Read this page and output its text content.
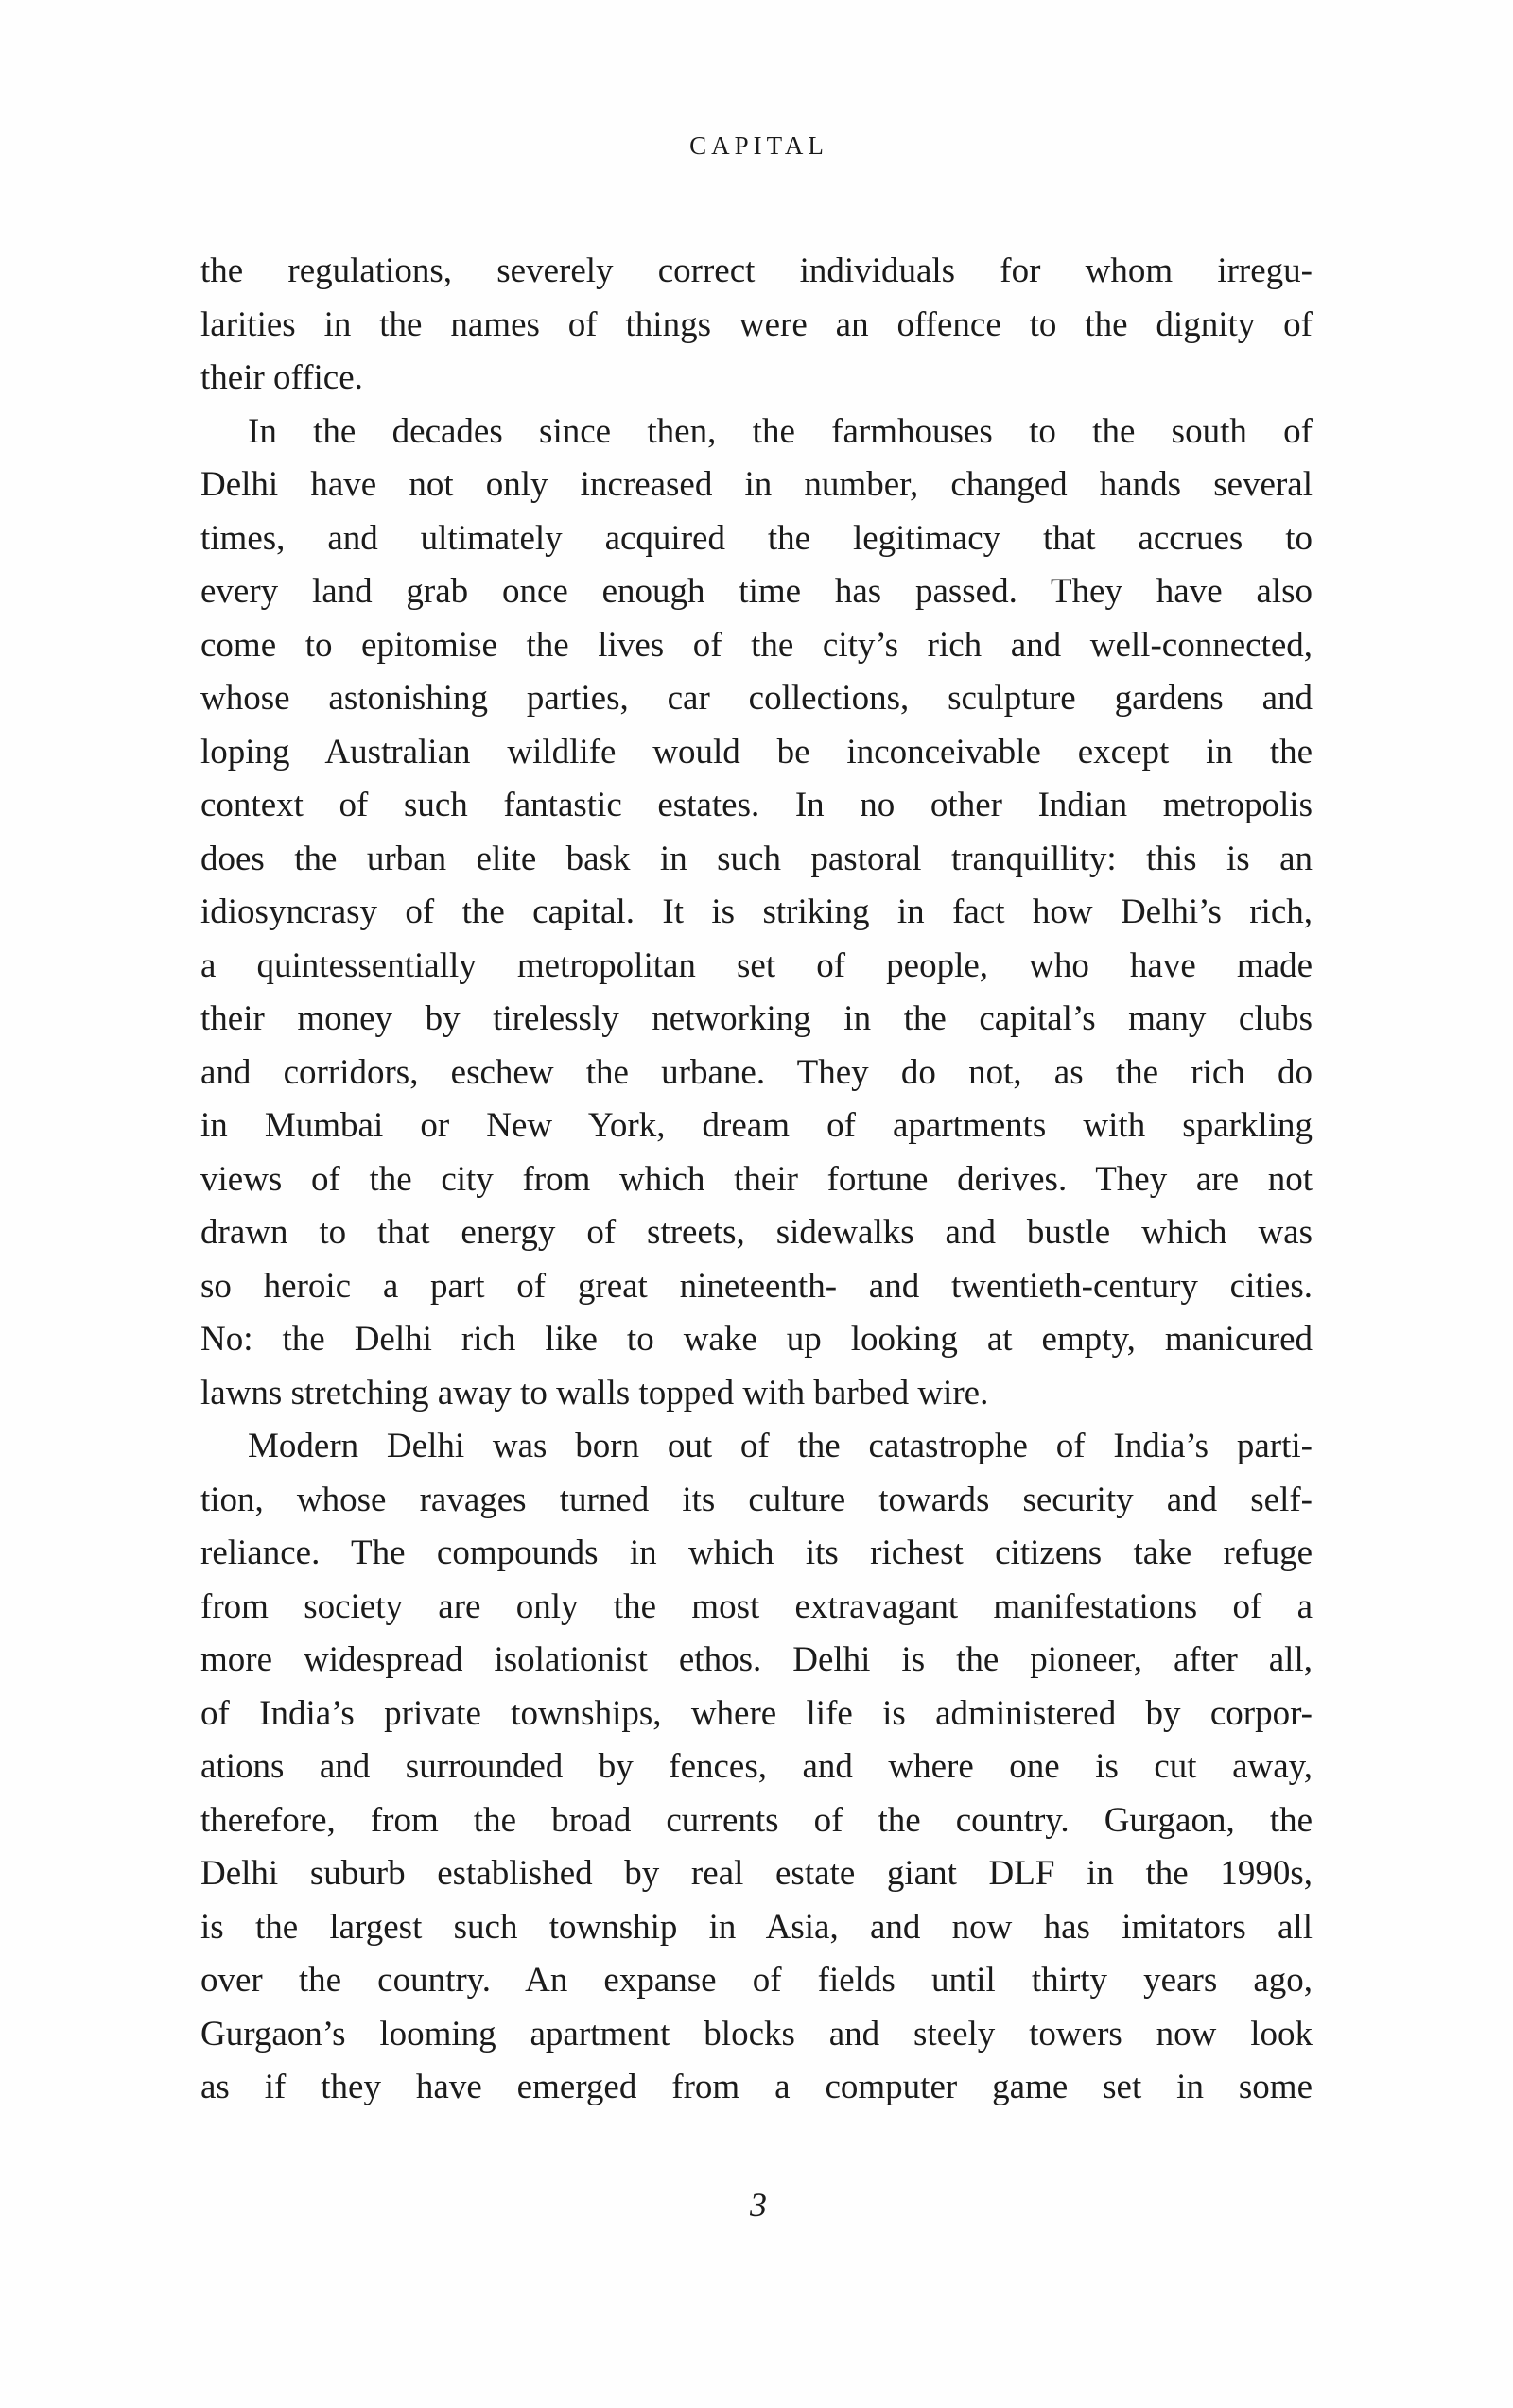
CAPITAL
the regulations, severely correct individuals for whom irregu-
larities in the names of things were an offence to the dignity of
their office.
In the decades since then, the farmhouses to the south of
Delhi have not only increased in number, changed hands several
times, and ultimately acquired the legitimacy that accrues to
every land grab once enough time has passed. They have also
come to epitomise the lives of the city’s rich and well-connected,
whose astonishing parties, car collections, sculpture gardens and
loping Australian wildlife would be inconceivable except in the
context of such fantastic estates. In no other Indian metropolis
does the urban elite bask in such pastoral tranquillity: this is an
idiosyncrasy of the capital. It is striking in fact how Delhi’s rich,
a quintessentially metropolitan set of people, who have made
their money by tirelessly networking in the capital’s many clubs
and corridors, eschew the urbane. They do not, as the rich do
in Mumbai or New York, dream of apartments with sparkling
views of the city from which their fortune derives. They are not
drawn to that energy of streets, sidewalks and bustle which was
so heroic a part of great nineteenth- and twentieth-century cities.
No: the Delhi rich like to wake up looking at empty, manicured
lawns stretching away to walls topped with barbed wire.
Modern Delhi was born out of the catastrophe of India’s parti-
tion, whose ravages turned its culture towards security and self-
reliance. The compounds in which its richest citizens take refuge
from society are only the most extravagant manifestations of a
more widespread isolationist ethos. Delhi is the pioneer, after all,
of India’s private townships, where life is administered by corpor-
ations and surrounded by fences, and where one is cut away,
therefore, from the broad currents of the country. Gurgaon, the
Delhi suburb established by real estate giant DLF in the 1990s,
is the largest such township in Asia, and now has imitators all
over the country. An expanse of fields until thirty years ago,
Gurgaon’s looming apartment blocks and steely towers now look
as if they have emerged from a computer game set in some
3
